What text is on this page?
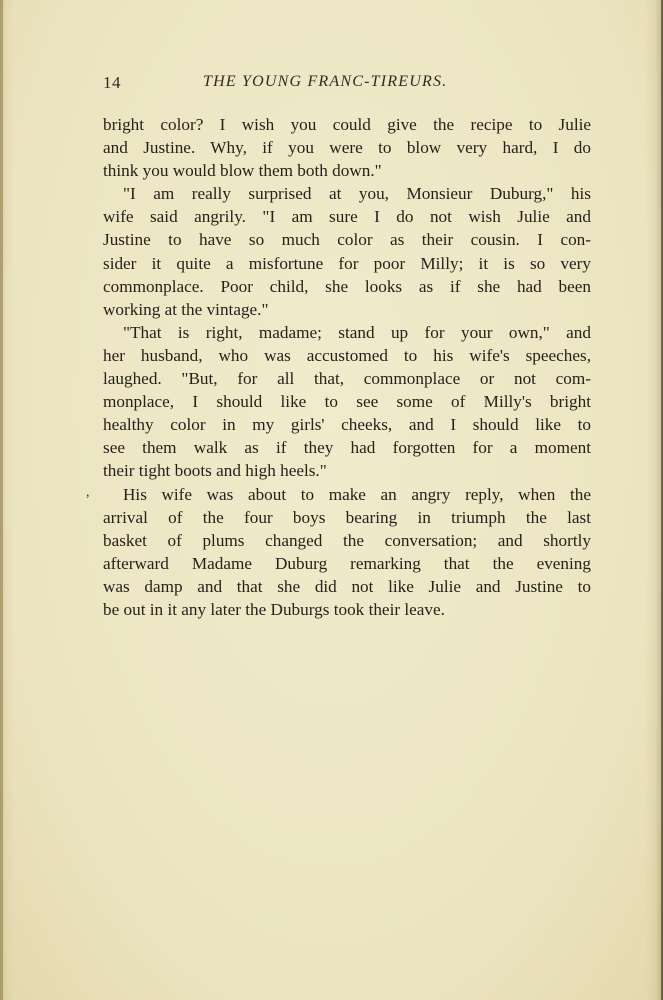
14	THE YOUNG FRANC-TIREURS.
,
bright color? I wish you could give the recipe to Julie
and Justine. Why, if you were to blow very hard, I do
think you would blow them both down."
"I am really surprised at you, Monsieur Duburg," his
wife said angrily. "I am sure I do not wish Julie and
Justine to have so much color as their cousin. I con-
sider it quite a misfortune for poor Milly; it is so very
commonplace. Poor child, she looks as if she had been
working at the vintage."
"That is right, madame; stand up for your own," and
her husband, who was accustomed to his wife's speeches,
laughed. "But, for all that, commonplace or not com-
monplace, I should like to see some of Milly's bright
healthy color in my girls' cheeks, and I should like to
see them walk as if they had forgotten for a moment
their tight boots and high heels."
His wife was about to make an angry reply, when the
arrival of the four boys bearing in triumph the last
basket of plums changed the conversation; and shortly
afterward Madame Duburg remarking that the evening
was damp and that she did not like Julie and Justine to
be out in it any later the Duburgs took their leave.
